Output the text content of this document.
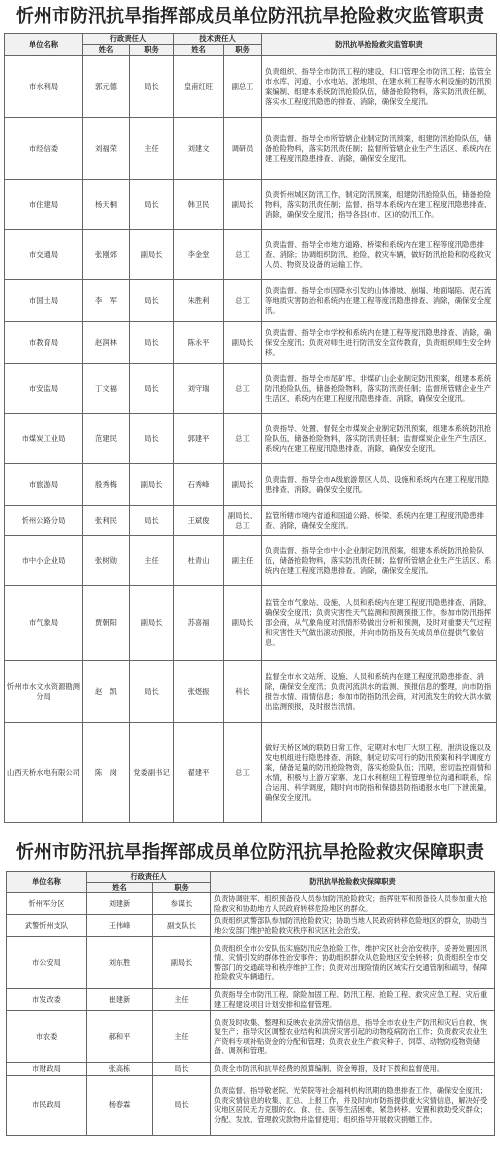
忻州市防汛抗旱指挥部成员单位防汛抗旱抢险救灾监管职责
单位名称	行政责任人		技术责任人		防汛抗旱抢险救灾监管职责
	姓名	职务	姓名	职务	
市水利局	郭元德	局长	皇甫红旺	副总工	负责组织、指导全市防汛工程的建设，归口管理全市防汛工程；监管全市水库、河道、小水电站、淤地坝、在建水利工程等水利设施的防汛预案编制、组建本系统防汛抢险队伍，储备抢险物料，落实防汛责任制，落实水工程度汛隐患的排查、消除，确保安全度汛。
市经信委	刘福荣	主任	刘建文	调研员	负责监督、指导全市所管辖企业制定防汛预案，组建防汛抢险队伍，储备抢险物料，落实防汛责任制；监督所管辖企业生产生活区、系统内在建工程度汛隐患排查、消除，确保安全度汛。
市住建局	杨天桐	局长	韩卫民	副局长	负责忻州城区防汛工作，制定防汛预案，组建防汛抢险队伍，储备抢险物料，落实防汛责任制；监督、指导本系统内在建工程度汛隐患排查、消除，确保安全度汛；指导各县(市、区)的防汛工作。
市交通局	张刚郊	副局长	李金堂	总工	负责监督、指导全市地方道路、桥梁和系统内在建工程等度汛隐患排查、消除；协调组织防汛、抢险、救灾车辆，做好防汛抢险和防疫救灾人员、物资及设备的运输工作。
市国土局	李　军	局长	朱胜利	总工	负责监督、指导全市因降水引发的山体滑坡、崩塌、地面塌陷、泥石流等地质灾害防治和系统内在建工程等度汛隐患排查、消除，确保安全度汛。
市教育局	赵润林	局长	陈永平	副局长	负责监督、指导全市学校和系统内在建工程等度汛隐患排查、消除，确保安全度汛；负责对师生进行防汛安全宣传教育，负责组织师生安全转移。
市安监局	丁文福	局长	刘守瑞	总工	负责监督、指导全市尾矿库、非煤矿山企业制定防汛预案，组建本系统防汛抢险队伍，储备抢险物料，落实防汛责任制；监督所管辖企业生产生活区、系统内在建工程度汛隐患排查、消除，确保安全度汛。
市煤炭工业局	范建民	局长	郭建平	总工	负责指导、处置、督促全市煤炭企业制定防汛预案，组建本系统防汛抢险队伍，储备抢险物料，落实防汛责任制；监督煤炭企业生产生活区、系统内在建工程度汛隐患排查、消除，确保安全度汛。
市旅游局	殷秀梅	副局长	石秀峰	副局长	负责监督、指导全市A级旅游景区人员、设施和系统内在建工程度汛隐患排查、消除，确保安全度汛。
忻州公路分局	张利民	局长	王斌俊	副局长、总工	监管所辖市境内省道和国道公路、桥梁、系统内在建工程度汛隐患排查、消除，确保安全度汛。
市中小企业局	张树勋	主任	杜青山	副主任	负责监督、指导全市中小企业制定防汛预案，组建本系统防汛抢险队伍，储备抢险物料，落实防汛责任制；监督所管辖企业生产生活区、系统内在建工程度汛隐患排查、消除，确保安全度汛。
市气象局	贾朝阳	副局长	苏喜福	副局长	监管全市气象站、设施、人员和系统内在建工程度汛隐患排查、消除，确保安全度汛；负责灾害性天气监测和预测预报工作，参加市防汛指挥部会商，从气象角度对汛情形势做出分析和预测，及时对重要天气过程和灾害性天气做出滚动预报，并向市防指及有关成员单位提供气象信息。
忻州市水文水资源勘测分局	赵　凯	局长	张煜振	科长	监督全市水文站所、设施、人员和系统内在建工程度汛隐患排查、消除，确保安全度汛；负责河流洪水的监测、预报信息的整理，向市防指报告水情、雨情信息；参加市防指防汛会商，对河流发生的较大洪水做出监测预报，及时报告汛情。
山西天桥水电有限公司	陈　岗	党委副书记	翟建平	总工	做好天桥区域的联防日常工作，定期对水电厂大坝工程、泄洪设施以及发电机组进行隐患排查、消除，制定切实可行的防汛预案和科学调度方案，储备足量的防汛抢险物资，落实抢险队伍；汛期，密切监控雨情和水情，积极与上游万家寨、龙口水利枢纽工程管理单位沟通和联系，综合运用、科学调度，随时向市防指和保德县防指通报水电厂下泄流量，确保安全度汛。
忻州市防汛抗旱指挥部成员单位防汛抗旱抢险救灾保障职责
单位名称	行政责任人		防汛抗旱抢险救灾保障职责
	姓名	职务	
忻州军分区	刘建新	参谋长	负责协调驻军、组织预备役人员参加防汛抢险救灾；指挥驻军和预备役人员参加重大抢险救灾和协助地方人民政府转移危险地区的群众。
武警忻州支队	王伟峰	副支队长	负责组织武警部队参加防汛抢险救灾；协助当地人民政府转移危险地区的群众，协助当地公安部门维护抢险救灾秩序和灾区社会治安。
市公安局	刘东胜	副局长	负责组织全市公安队伍实施防汛应急抢险工作，维护灾区社会治安秩序，妥善处置因汛情、灾情引发的群体性治安事件；协助组织群众从危险地区安全转移；负责组织全市交警部门的交通疏导和秩序维护工作；负责对出现险情的区域实行交通管制和疏导，保障抢险救灾车辆通行。
市发改委	崔建新	主任	负责指导全市防汛工程、除险加固工程、防汛工程、抢险工程、救灾应急工程、灾后重建工程建设项目计划安排和监督管理。
市农委	郝和平	主任	负责及时收集、整理和反映农业洪涝灾情信息，指导全市农业生产防汛和灾后自救、恢复生产；指导灾区调整农业结构和洪涝灾害引起的动物疫病防治工作；负责救灾农业生产资料专项补贴资金的分配和管理；负责农业生产救灾种子、饲草、动物防疫物资储备、调剂和管理。
市财政局	张高栋	局长	负责全市防汛和抗旱经费的预算编制、资金筹措，及时下拨和监督使用。
市民政局	杨春霖	局长	负责监督、指导敬老院、光荣院等社会福利机构汛期的隐患排查工作，确保安全度汛；负责灾情信息的收集、汇总、上报工作，并及时向市防指提供重大灾情信息，解决好受灾地区居民无力克服的衣、食、住、医等生活困难，紧急转移、安置和救助受灾群众；分配、发放、管理救灾款物并监督使用；组织指导开展救灾捐赠工作。
